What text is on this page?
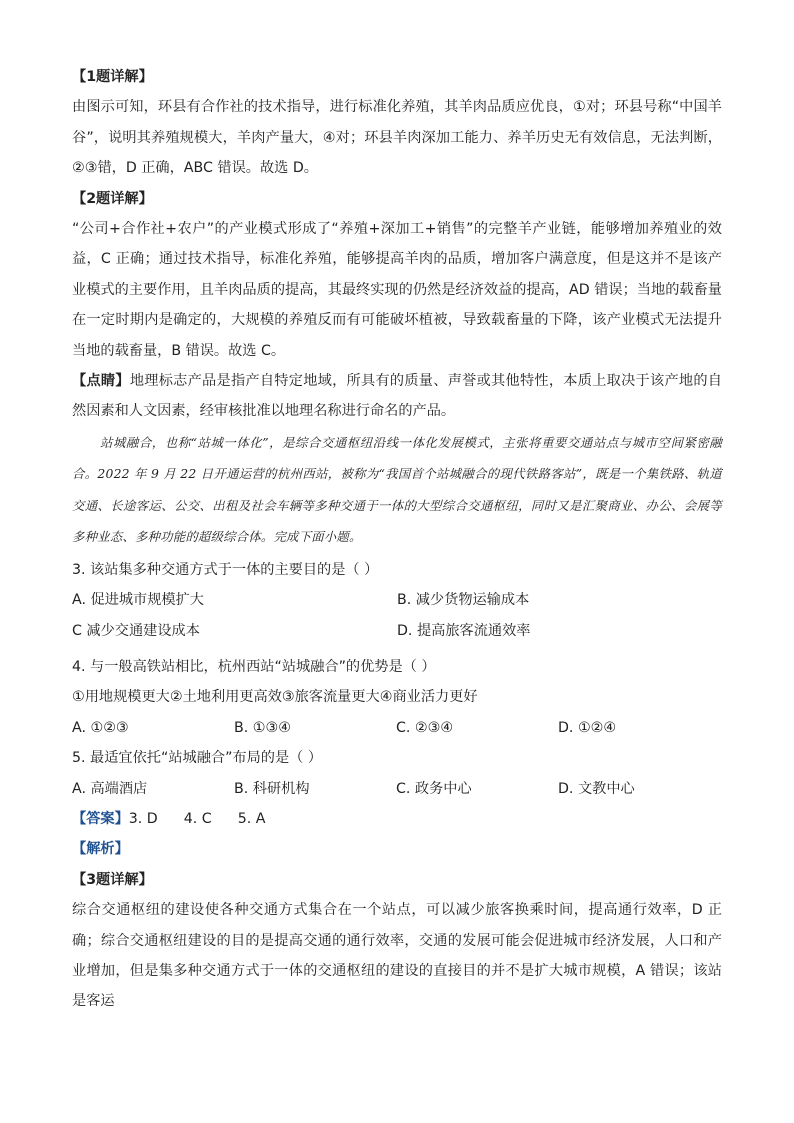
【1题详解】
由图示可知，环县有合作社的技术指导，进行标准化养殖，其羊肉品质应优良，①对；环县号称“中国羊谷”，说明其养殖规模大，羊肉产量大，④对；环县羊肉深加工能力、养羊历史无有效信息，无法判断，②③错，D 正确，ABC 错误。故选 D。
【2题详解】
“公司+合作社+农户”的产业模式形成了“养殖+深加工+销售”的完整羊产业链，能够增加养殖业的效益，C 正确；通过技术指导，标准化养殖，能够提高羊肉的品质，增加客户满意度，但是这并不是该产业模式的主要作用，且羊肉品质的提高，其最终实现的仍然是经济效益的提高，AD 错误；当地的载畜量在一定时期内是确定的，大规模的养殖反而有可能破坏植被，导致载畜量的下降，该产业模式无法提升当地的载畜量，B 错误。故选 C。
【点睛】地理标志产品是指产自特定地域，所具有的质量、声誉或其他特性，本质上取决于该产地的自然因素和人文因素，经审核批准以地理名称进行命名的产品。
站城融合，也称“站城一体化”，是综合交通枢纽沿线一体化发展模式，主张将重要交通站点与城市空间紧密融合。2022 年 9 月 22 日开通运营的杭州西站，被称为“我国首个站城融合的现代铁路客站”，既是一个集铁路、轨道交通、长途客运、公交、出租及社会车辆等多种交通于一体的大型综合交通枢纽，同时又是汇聚商业、办公、会展等多种业态、多种功能的超级综合体。完成下面小题。
3. 该站集多种交通方式于一体的主要目的是（ ）
A. 促进城市规模扩大	B. 减少货物运输成本
C 减少交通建设成本	D. 提高旅客流通效率
4. 与一般高铁站相比，杭州西站“站城融合”的优势是（ ）
①用地规模更大②土地利用更高效③旅客流量更大④商业活力更好
A. ①②③	B. ①③④	C. ②③④	D. ①②④
5. 最适宜依托“站城融合”布局的是（ ）
A. 高端酒店	B. 科研机构	C. 政务中心	D. 文教中心
【答案】3. D 4. C 5. A
【解析】
【3题详解】
综合交通枢纽的建设使各种交通方式集合在一个站点，可以减少旅客换乘时间，提高通行效率，D 正确；综合交通枢纽建设的目的是提高交通的通行效率，交通的发展可能会促进城市经济发展，人口和产业增加，但是集多种交通方式于一体的交通枢纽的建设的直接目的并不是扩大城市规模，A 错误；该站是客运
